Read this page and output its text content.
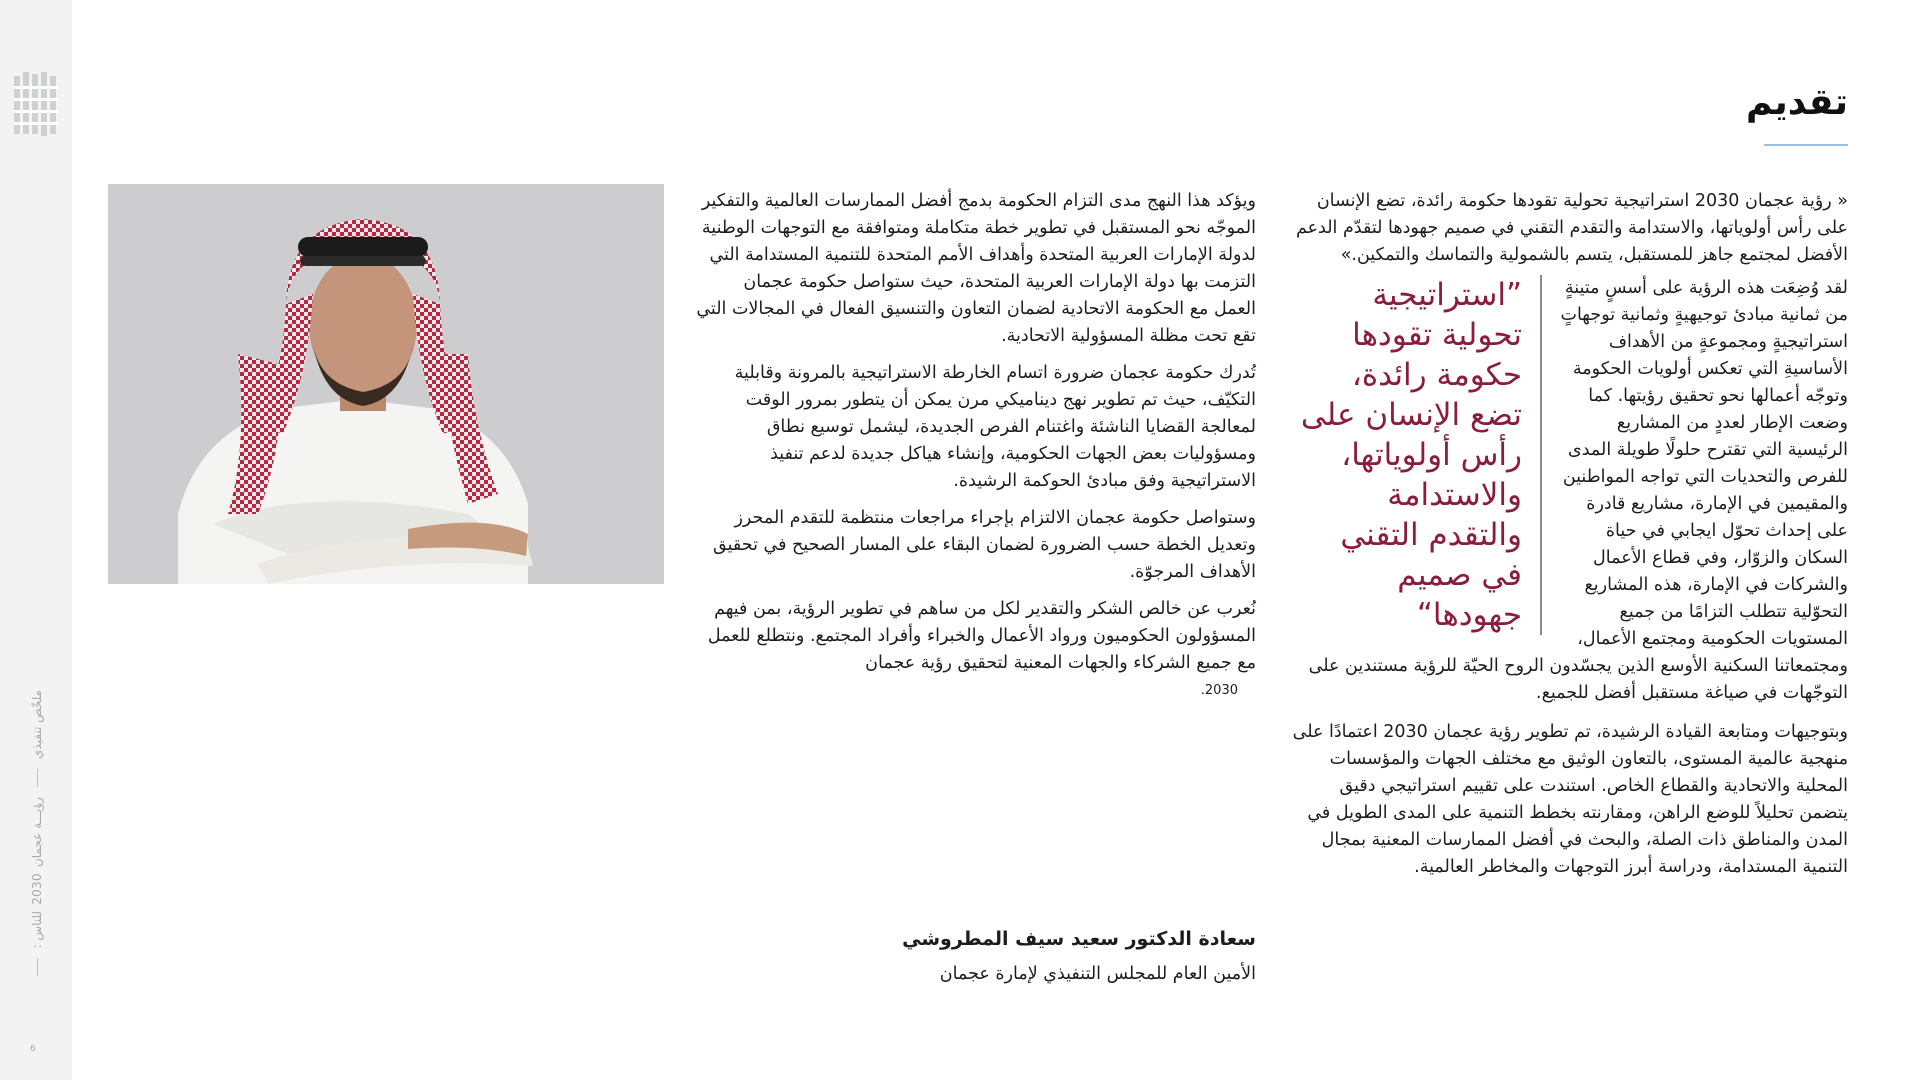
ملخّص تنفيذي
رؤيـــة عجمان
2030
: للناس
6
تقديم

« رؤية عجمان 2030 استراتيجية تحولية تقودها حكومة رائدة، تضع الإنسان على رأس أولوياتها، والاستدامة والتقدم التقني في صميم جهودها لتقدّم الدعم الأفضل لمجتمع جاهز للمستقبل، يتسم بالشمولية والتماسك والتمكين.»

لقد وُضِعَت هذه الرؤية على أسسٍ متينةٍ من ثمانية مبادئ توجيهيةٍ وثمانية توجهاتٍ استراتيجيةٍ ومجموعةٍ من الأهداف الأساسيةِ التي تعكس أولويات الحكومة وتوجّه أعمالها نحو تحقيق رؤيتها. كما وضعت الإطار لعددٍ من المشاريع الرئيسية التي تقترح حلولًا طويلة المدى للفرص والتحديات التي تواجه المواطنين والمقيمين في الإمارة، مشاريع قادرة على إحداث تحوّل ايجابي في حياة السكان والزوّار، وفي قطاع الأعمال والشركات في الإمارة، هذه المشاريع التحوّلية تتطلب التزامًا من جميع المستويات الحكومية ومجتمع الأعمال،

”استراتيجية تحولية تقودها حكومة رائدة، تضع الإنسان على رأس أولوياتها، والاستدامة والتقدم التقني في صميم جهودها“

ومجتمعاتنا السكنية الأوسع الذين يجسّدون الروح الحيّة للرؤية مستندين على التوجّهات في صياغة مستقبل أفضل للجميع.

وبتوجيهات ومتابعة القيادة الرشيدة، تم تطوير رؤية عجمان 2030 اعتمادًا على منهجية عالمية المستوى، بالتعاون الوثيق مع مختلف الجهات والمؤسسات المحلية والاتحادية والقطاع الخاص. استندت على تقييم استراتيجي دقيق يتضمن تحليلاً للوضع الراهن، ومقارنته بخطط التنمية على المدى الطويل في المدن والمناطق ذات الصلة، والبحث في أفضل الممارسات المعنية بمجال التنمية المستدامة، ودراسة أبرز التوجهات والمخاطر العالمية.

ويؤكد هذا النهج مدى التزام الحكومة بدمج أفضل الممارسات العالمية والتفكير الموجّه نحو المستقبل في تطوير خطة متكاملة ومتوافقة مع التوجهات الوطنية لدولة الإمارات العربية المتحدة وأهداف الأمم المتحدة للتنمية المستدامة التي التزمت بها دولة الإمارات العربية المتحدة، حيث ستواصل حكومة عجمان العمل مع الحكومة الاتحادية لضمان التعاون والتنسيق الفعال في المجالات التي تقع تحت مظلة المسؤولية الاتحادية.

تُدرك حكومة عجمان ضرورة اتسام الخارطة الاستراتيجية بالمرونة وقابلية التكيّف، حيث تم تطوير نهج ديناميكي مرن يمكن أن يتطور بمرور الوقت لمعالجة القضايا الناشئة واغتنام الفرص الجديدة، ليشمل توسيع نطاق ومسؤوليات بعض الجهات الحكومية، وإنشاء هياكل جديدة لدعم تنفيذ الاستراتيجية وفق مبادئ الحوكمة الرشيدة.

وستواصل حكومة عجمان الالتزام بإجراء مراجعات منتظمة للتقدم المحرز وتعديل الخطة حسب الضرورة لضمان البقاء على المسار الصحيح في تحقيق الأهداف المرجوّة.

نُعرب عن خالص الشكر والتقدير لكل من ساهم في تطوير الرؤية، بمن فيهم المسؤولون الحكوميون ورواد الأعمال والخبراء وأفراد المجتمع. ونتطلع للعمل مع جميع الشركاء والجهات المعنية لتحقيق رؤية عجمان

2030.

سعادة الدكتور سعيد سيف المطروشي

الأمين العام للمجلس التنفيذي لإمارة عجمان
